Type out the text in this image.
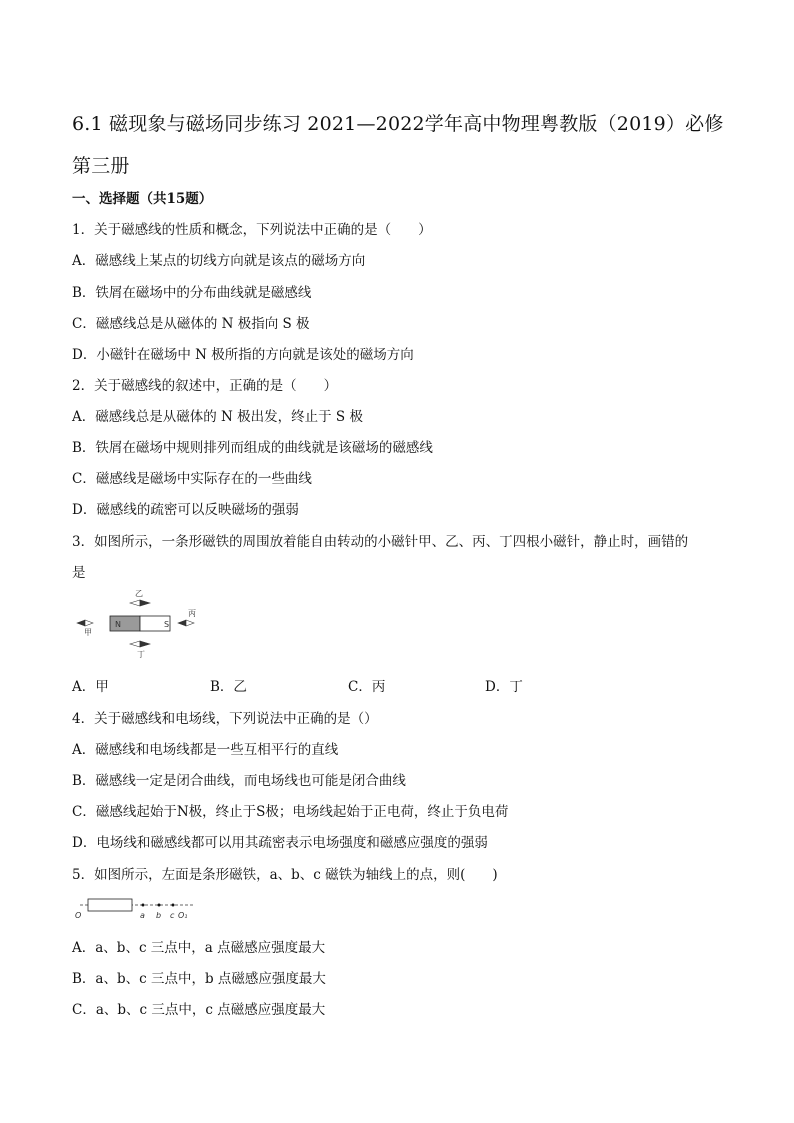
6.1 磁现象与磁场同步练习 2021—2022学年高中物理粤教版（2019）必修第三册
一、选择题（共15题）
1．关于磁感线的性质和概念，下列说法中正确的是（　　）
A．磁感线上某点的切线方向就是该点的磁场方向
B．铁屑在磁场中的分布曲线就是磁感线
C．磁感线总是从磁体的 N 极指向 S 极
D．小磁针在磁场中 N 极所指的方向就是该处的磁场方向
2．关于磁感线的叙述中，正确的是（　　）
A．磁感线总是从磁体的 N 极出发，终止于 S 极
B．铁屑在磁场中规则排列而组成的曲线就是该磁场的磁感线
C．磁感线是磁场中实际存在的一些曲线
D．磁感线的疏密可以反映磁场的强弱
3．如图所示，一条形磁铁的周围放着能自由转动的小磁针甲、乙、丙、丁四根小磁针，静止时，画错的
是
N	S
乙
丁
甲
丙
A．甲	B．乙	C．丙	D．丁
4．关于磁感线和电场线，下列说法中正确的是（）
A．磁感线和电场线都是一些互相平行的直线
B．磁感线一定是闭合曲线，而电场线也可能是闭合曲线
C．磁感线起始于N极，终止于S极；电场线起始于正电荷，终止于负电荷
D．电场线和磁感线都可以用其疏密表示电场强度和磁感应强度的强弱
5．如图所示，左面是条形磁铁，a、b、c 磁铁为轴线上的点，则(　　)
O	a b c O₁
A．a、b、c 三点中，a 点磁感应强度最大
B．a、b、c 三点中，b 点磁感应强度最大
C．a、b、c 三点中，c 点磁感应强度最大
